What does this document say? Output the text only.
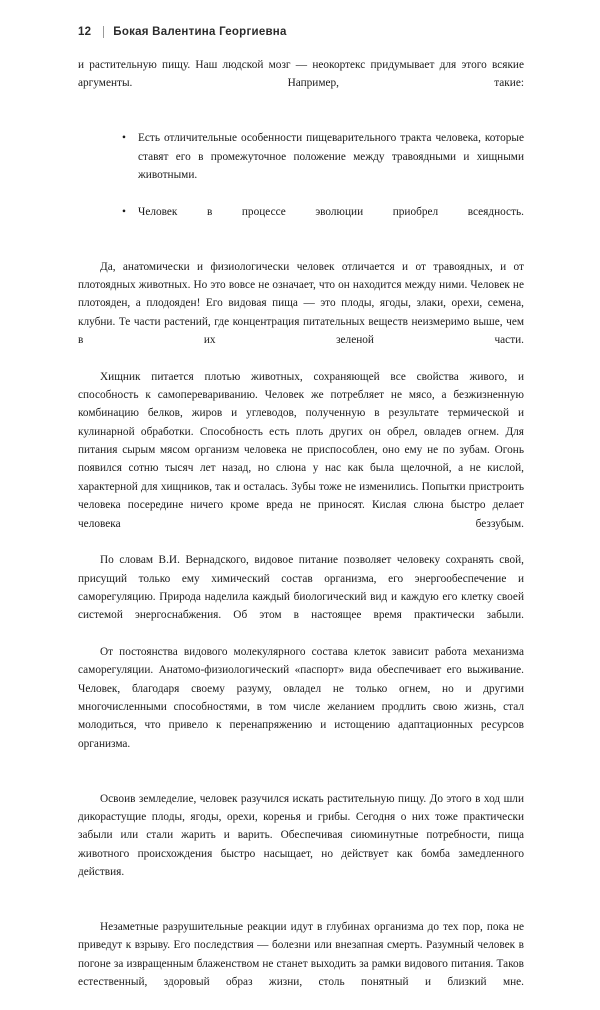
12 Бокая Валентина Георгиевна

и растительную пищу. Наш людской мозг — неокортекс придумывает для этого всякие аргументы. Например, такие:

• Есть отличительные особенности пищеварительного тракта человека, которые ставят его в промежуточное положение между травоядными и хищными животными.
• Человек в процессе эволюции приобрел всеядность.

Да, анатомически и физиологически человек отличается и от травоядных, и от плотоядных животных. Но это вовсе не означает, что он находится между ними. Человек не плотояден, а плодояден! Его видовая пища — это плоды, ягоды, злаки, орехи, семена, клубни. Те части растений, где концентрация питательных веществ неизмеримо выше, чем в их зеленой части.

Хищник питается плотью животных, сохраняющей все свойства живого, и способность к самоперевариванию. Человек же потребляет не мясо, а безжизненную комбинацию белков, жиров и углеводов, полученную в результате термической и кулинарной обработки. Способность есть плоть других он обрел, овладев огнем. Для питания сырым мясом организм человека не приспособлен, оно ему не по зубам. Огонь появился сотню тысяч лет назад, но слюна у нас как была щелочной, а не кислой, характерной для хищников, так и осталась. Зубы тоже не изменились. Попытки пристроить человека посередине ничего кроме вреда не приносят. Кислая слюна быстро делает человека беззубым.

По словам В.И. Вернадского, видовое питание позволяет человеку сохранять свой, присущий только ему химический состав организма, его энергообеспечение и саморегуляцию. Природа наделила каждый биологический вид и каждую его клетку своей системой энергоснабжения. Об этом в настоящее время практически забыли.

От постоянства видового молекулярного состава клеток зависит работа механизма саморегуляции. Анатомо-физиологический «паспорт» вида обеспечивает его выживание. Человек, благодаря своему разуму, овладел не только огнем, но и другими многочисленными способностями, в том числе желанием продлить свою жизнь, стал молодиться, что привело к перенапряжению и истощению адаптационных ресурсов организма.

Освоив земледелие, человек разучился искать растительную пищу. До этого в ход шли дикорастущие плоды, ягоды, орехи, коренья и грибы. Сегодня о них тоже практически забыли или стали жарить и варить. Обеспечивая сиюминутные потребности, пища животного происхождения быстро насыщает, но действует как бомба замедленного действия.

Незаметные разрушительные реакции идут в глубинах организма до тех пор, пока не приведут к взрыву. Его последствия — болезни или внезапная смерть. Разумный человек в погоне за извращенным блаженством не станет выходить за рамки видового питания. Таков естественный, здоровый образ жизни, столь понятный и близкий мне.
